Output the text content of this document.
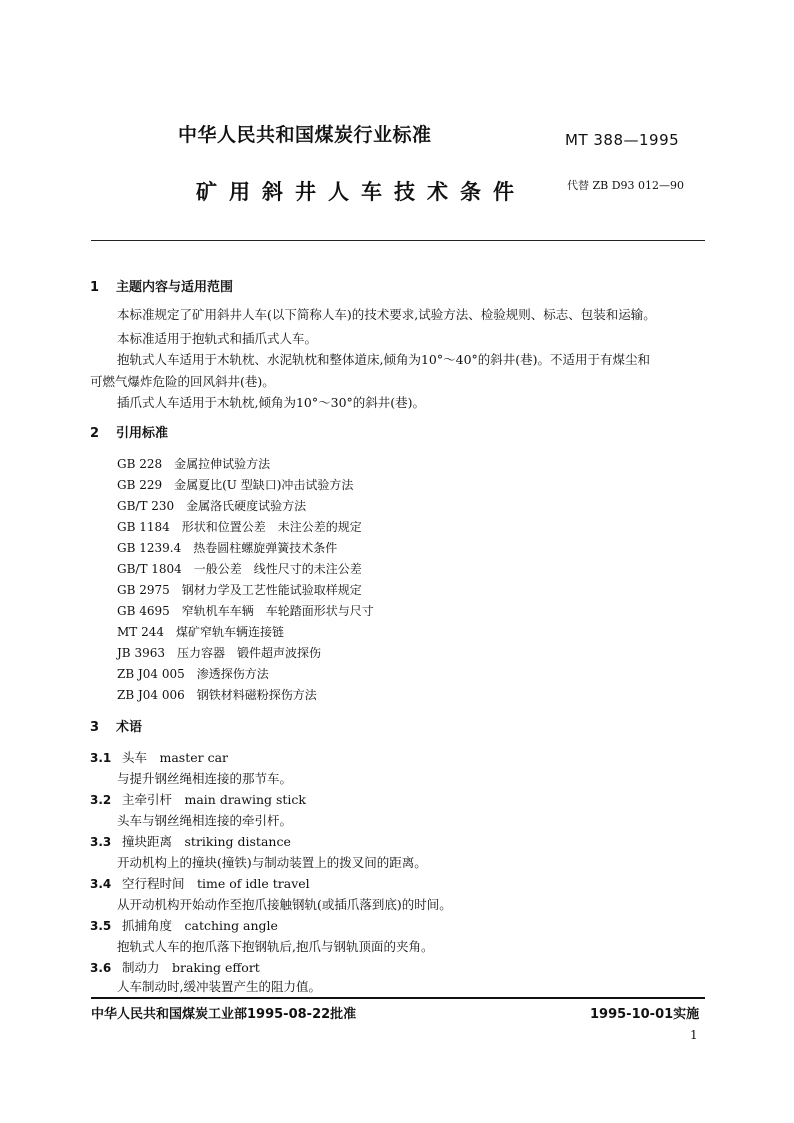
中华人民共和国煤炭行业标准	MT 388—1995
矿用斜井人车技术条件	代替 ZB D93 012—90
1 主题内容与适用范围
本标准规定了矿用斜井人车(以下简称人车)的技术要求,试验方法、检验规则、标志、包装和运输。
本标准适用于抱轨式和插爪式人车。
抱轨式人车适用于木轨枕、水泥轨枕和整体道床,倾角为10°～40°的斜井(巷)。不适用于有煤尘和
可燃气爆炸危险的回风斜井(巷)。
插爪式人车适用于木轨枕,倾角为10°～30°的斜井(巷)。
2 引用标准
GB 228　金属拉伸试验方法
GB 229　金属夏比(U 型缺口)冲击试验方法
GB/T 230　金属洛氏硬度试验方法
GB 1184　形状和位置公差　未注公差的规定
GB 1239.4　热卷圆柱螺旋弹簧技术条件
GB/T 1804　一般公差　线性尺寸的未注公差
GB 2975　钢材力学及工艺性能试验取样规定
GB 4695　窄轨机车车辆　车轮踏面形状与尺寸
MT 244　煤矿窄轨车辆连接链
JB 3963　压力容器　锻件超声波探伤
ZB J04 005　渗透探伤方法
ZB J04 006　钢铁材料磁粉探伤方法
3 术语
3.1 头车　master car
与提升钢丝绳相连接的那节车。
3.2 主牵引杆　main drawing stick
头车与钢丝绳相连接的牵引杆。
3.3 撞块距离　striking distance
开动机构上的撞块(撞铁)与制动装置上的拨叉间的距离。
3.4 空行程时间　time of idle travel
从开动机构开始动作至抱爪接触钢轨(或插爪落到底)的时间。
3.5 抓捕角度　catching angle
抱轨式人车的抱爪落下抱钢轨后,抱爪与钢轨顶面的夹角。
3.6 制动力　braking effort
人车制动时,缓冲装置产生的阻力值。
中华人民共和国煤炭工业部1995-08-22批准	1995-10-01实施
1
